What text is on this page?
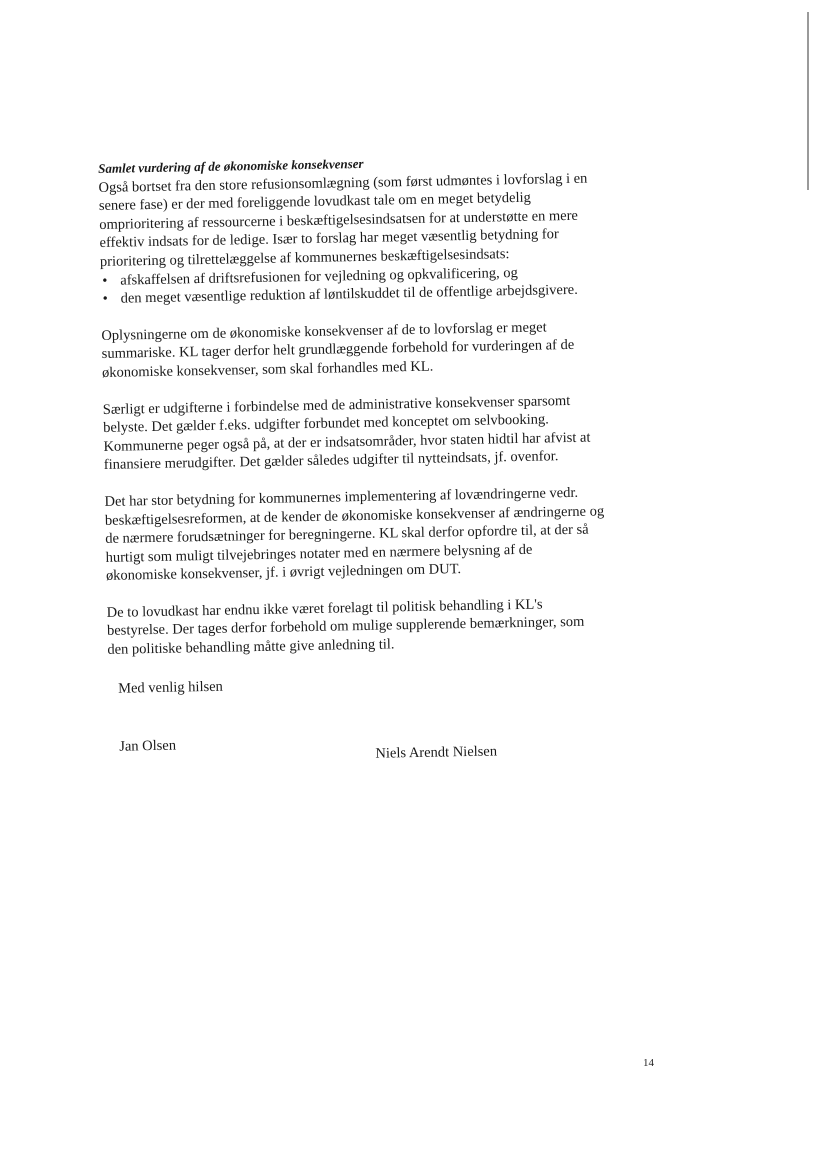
Samlet vurdering af de økonomiske konsekvenser

Også bortset fra den store refusionsomlægning (som først udmøntes i lovforslag i en senere fase) er der med foreliggende lovudkast tale om en meget betydelig omprioritering af ressourcerne i beskæftigelsesindsatsen for at understøtte en mere effektiv indsats for de ledige. Især to forslag har meget væsentlig betydning for prioritering og tilrettelæggelse af kommunernes beskæftigelsesindsats:

• afskaffelsen af driftsrefusionen for vejledning og opkvalificering, og
• den meget væsentlige reduktion af løntilskuddet til de offentlige arbejdsgivere.

Oplysningerne om de økonomiske konsekvenser af de to lovforslag er meget summariske. KL tager derfor helt grundlæggende forbehold for vurderingen af de økonomiske konsekvenser, som skal forhandles med KL.

Særligt er udgifterne i forbindelse med de administrative konsekvenser sparsomt belyste. Det gælder f.eks. udgifter forbundet med konceptet om selvbooking. Kommunerne peger også på, at der er indsatsområder, hvor staten hidtil har afvist at finansiere merudgifter. Det gælder således udgifter til nytteindsats, jf. ovenfor.

Det har stor betydning for kommunernes implementering af lovændringerne vedr. beskæftigelsesreformen, at de kender de økonomiske konsekvenser af ændringerne og de nærmere forudsætninger for beregningerne. KL skal derfor opfordre til, at der så hurtigt som muligt tilvejebringes notater med en nærmere belysning af de økonomiske konsekvenser, jf. i øvrigt vejledningen om DUT.

De to lovudkast har endnu ikke været forelagt til politisk behandling i KL's bestyrelse. Der tages derfor forbehold om mulige supplerende bemærkninger, som den politiske behandling måtte give anledning til.

Med venlig hilsen

Jan Olsen	Niels Arendt Nielsen
14
